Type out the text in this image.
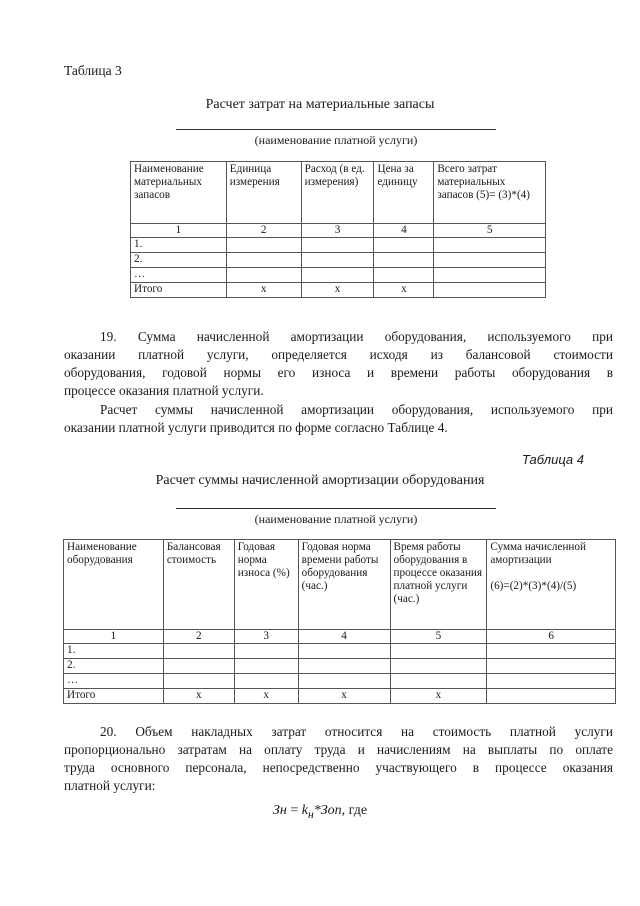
Таблица 3
Расчет затрат на материальные запасы
(наименование платной услуги)
Наименование материальных запасов	Единица измерения	Расход (в ед. измерения)	Цена за единицу	Всего затрат материальных запасов (5)= (3)*(4)
1	2	3	4	5
1.				
2.				
…				
Итого	х	х	х	
19. Сумма начисленной амортизации оборудования, используемого при
оказании платной услуги, определяется исходя из балансовой стоимости
оборудования, годовой нормы его износа и времени работы оборудования в
процессе оказания платной услуги.
Расчет суммы начисленной амортизации оборудования, используемого при
оказании платной услуги приводится по форме согласно Таблице 4.
Таблица 4
Расчет суммы начисленной амортизации оборудования
(наименование платной услуги)
Наименование оборудования	Балансовая стоимость	Годовая норма износа (%)	Годовая норма времени работы оборудования (час.)	Время работы оборудования в процессе оказания платной услуги (час.)	Сумма начисленной амортизации
(6)=(2)*(3)*(4)/(5)

1	2	3	4	5	6
1.					
2.					
…					
Итого	х	х	х	х	
20. Объем накладных затрат относится на стоимость платной услуги
пропорционально затратам на оплату труда и начислениям на выплаты по оплате
труда основного персонала, непосредственно участвующего в процессе оказания
платной услуги:
Зн = $k_н*Зоп$, где
